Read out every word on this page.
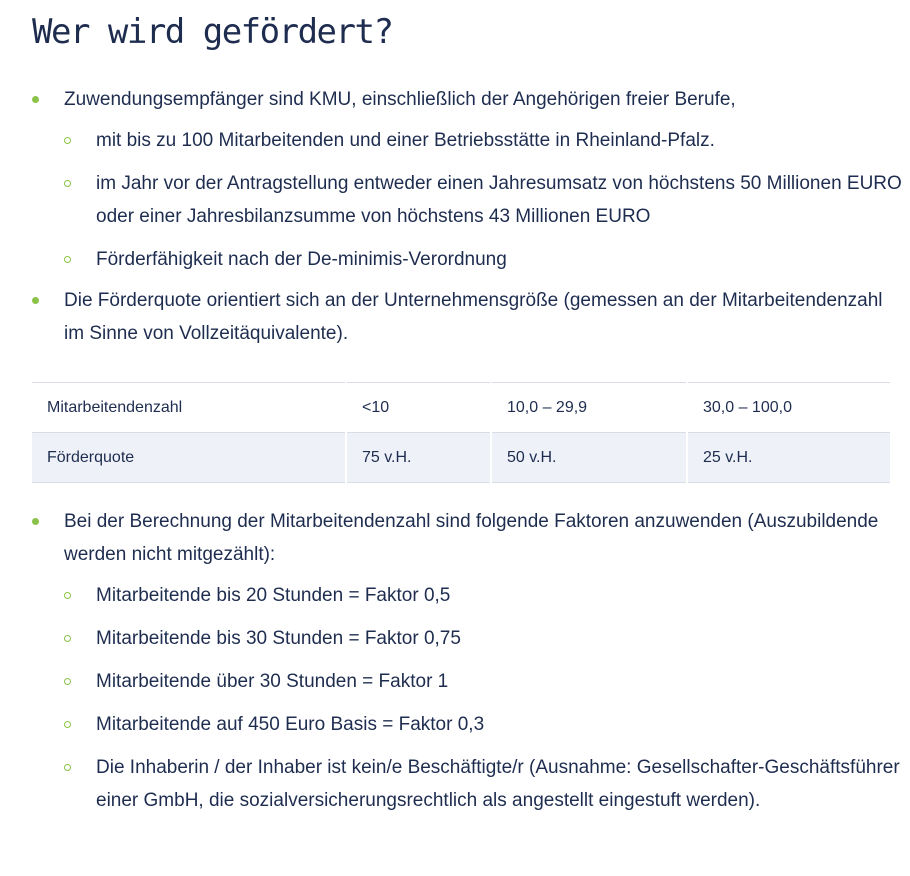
Wer wird gefördert?
Zuwendungsempfänger sind KMU, einschließlich der Angehörigen freier Berufe,
mit bis zu 100 Mitarbeitenden und einer Betriebsstätte in Rheinland-Pfalz.
im Jahr vor der Antragstellung entweder einen Jahresumsatz von höchstens 50 Millionen EURO oder einer Jahresbilanzsumme von höchstens 43 Millionen EURO
Förderfähigkeit nach der De-minimis-Verordnung
Die Förderquote orientiert sich an der Unternehmensgröße (gemessen an der Mitarbeitendenzahl im Sinne von Vollzeitäquivalente).
Mitarbeitendenzahl	<10	10,0 – 29,9	30,0 – 100,0
Förderquote	75 v.H.	50 v.H.	25 v.H.
Bei der Berechnung der Mitarbeitendenzahl sind folgende Faktoren anzuwenden (Auszubildende werden nicht mitgezählt):
Mitarbeitende bis 20 Stunden = Faktor 0,5
Mitarbeitende bis 30 Stunden = Faktor 0,75
Mitarbeitende über 30 Stunden = Faktor 1
Mitarbeitende auf 450 Euro Basis = Faktor 0,3
Die Inhaberin / der Inhaber ist kein/e Beschäftigte/r (Ausnahme: Gesellschafter-Geschäftsführer einer GmbH, die sozialversicherungsrechtlich als angestellt eingestuft werden).
